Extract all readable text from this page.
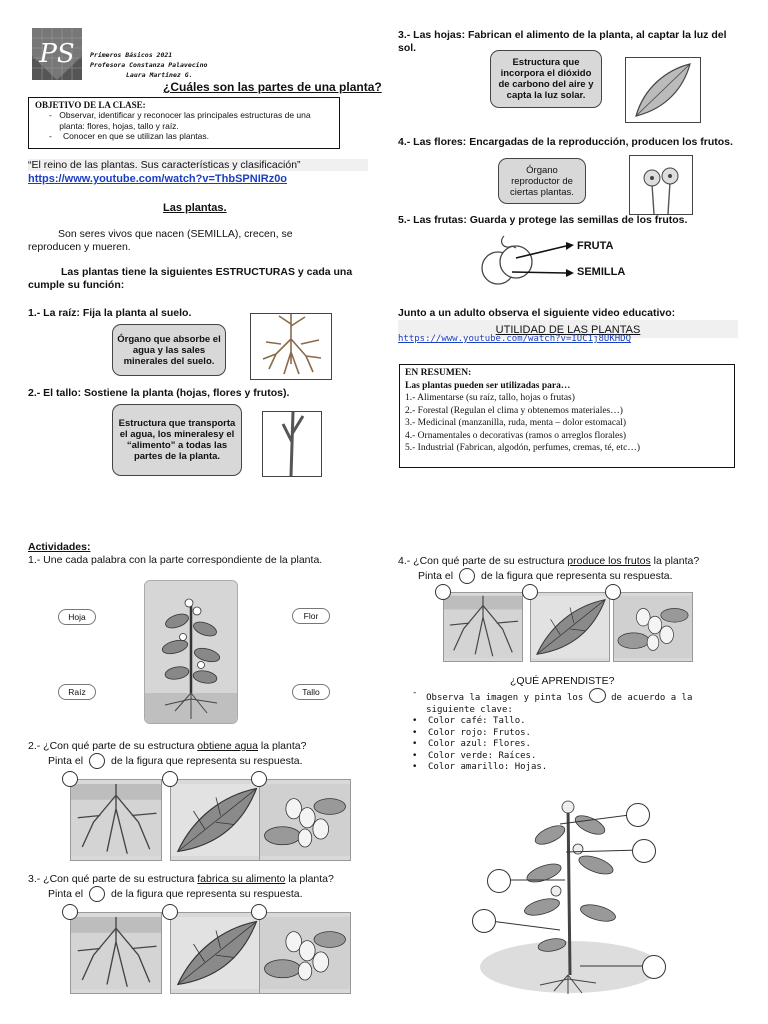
PS Primeros Básicos 2021
Profesora Constanza Palavecino
Laura Martínez G.
¿Cuáles son las partes de una planta?
OBJETIVO DE LA CLASE:
- Observar, identificar y reconocer las principales estructuras de una planta: flores, hojas, tallo y raíz.
-	Conocer en que se utilizan las plantas.
“El reino de las plantas. Sus características y clasificación”
https://www.youtube.com/watch?v=ThbSPNIRz0o
Las plantas.
Son seres vivos que nacen (SEMILLA), crecen, se reproducen y mueren.
Las plantas tiene la siguientes ESTRUCTURAS y cada una cumple su función:
1.- La raíz: Fija la planta al suelo.
Órgano que absorbe el agua y las sales minerales del suelo.
2.- El tallo: Sostiene la planta (hojas, flores y frutos).
Estructura que transporta el agua, los mineralesy el “alimento” a todas las partes de la planta.
3.- Las hojas: Fabrican el alimento de la planta, al captar la luz del sol.
Estructura que incorpora el dióxido de carbono del aire y capta la luz solar.
4.- Las flores: Encargadas de la reproducción, producen los frutos.
Órgano reproductor de ciertas plantas.
5.- Las frutas: Guarda y protege las semillas de los frutos.
FRUTA
SEMILLA
Junto a un adulto observa el siguiente video educativo:
UTILIDAD DE LAS PLANTAS
https://www.youtube.com/watch?v=IUC1j8UKHDQ
EN RESUMEN:
Las plantas pueden ser utilizadas para…
1.- Alimentarse (su raíz, tallo, hojas o frutas)
2.- Forestal (Regulan el clima y obtenemos materiales…)
3.- Medicinal (manzanilla, ruda, menta – dolor estomacal)
4.- Ornamentales o decorativas (ramos o arreglos florales)
5.- Industrial (Fabrican, algodón, perfumes, cremas, té, etc…)
Actividades:
1.- Une cada palabra con la parte correspondiente de la planta.
Hoja	Flor
Raíz	Tallo
2.- ¿Con qué parte de su estructura obtiene agua la planta?
Pinta el	de la figura que representa su respuesta.
3.- ¿Con qué parte de su estructura fabrica su alimento la planta?
Pinta el	de la figura que representa su respuesta.
4.- ¿Con qué parte de su estructura produce los frutos la planta?
Pinta el	de la figura que representa su respuesta.
¿QUÉ APRENDISTE?
- Observa la imagen y pinta los	de acuerdo a la siguiente clave:
•	Color café: Tallo.
•	Color rojo: Frutos.
•	Color azul: Flores.
•	Color verde: Raíces.
•	Color amarillo: Hojas.
